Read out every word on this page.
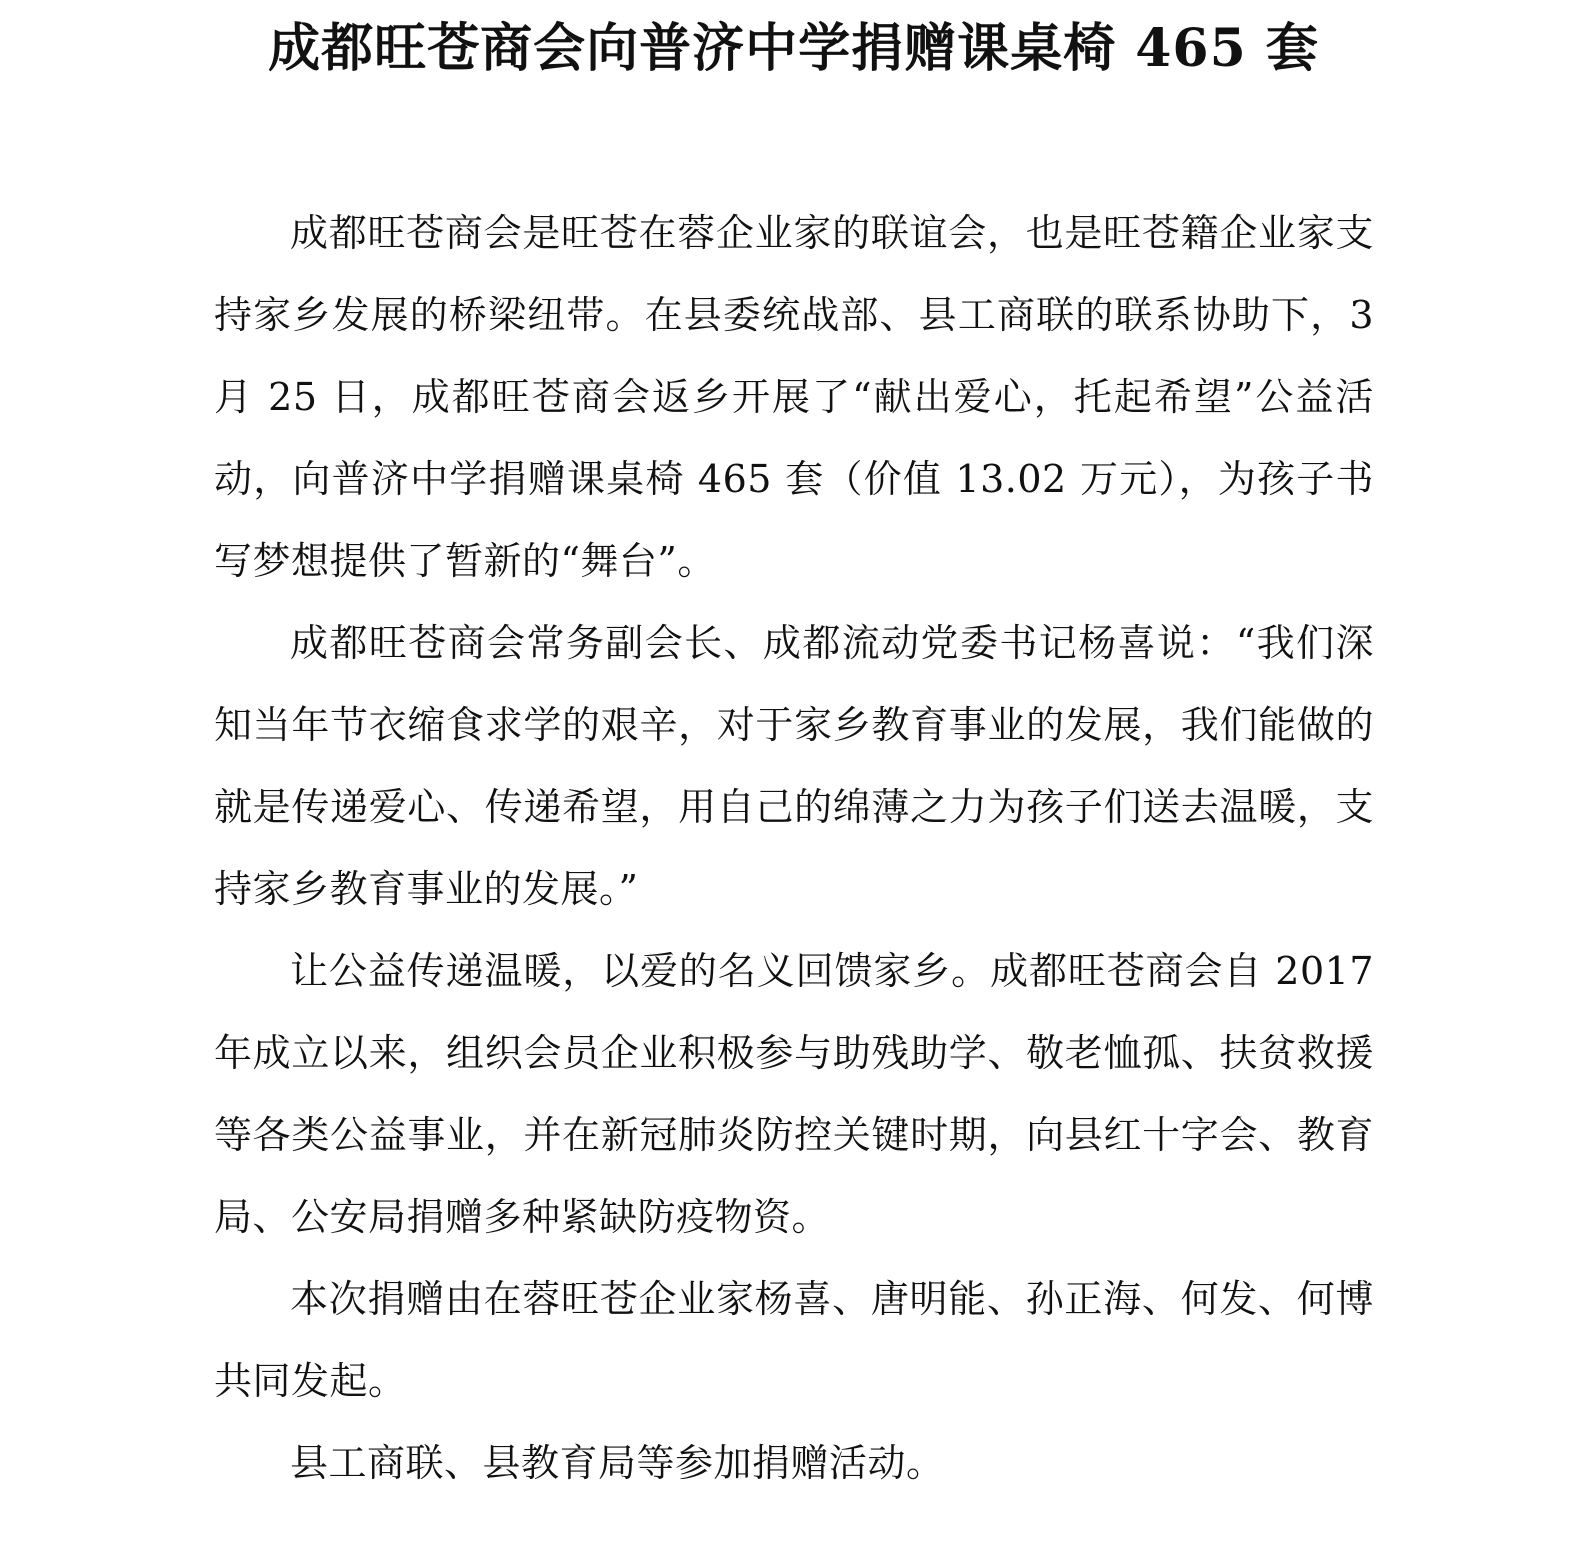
成都旺苍商会向普济中学捐赠课桌椅 465 套

成都旺苍商会是旺苍在蓉企业家的联谊会，也是旺苍籍企业家支持家乡发展的桥梁纽带。在县委统战部、县工商联的联系协助下，3月 25 日，成都旺苍商会返乡开展了“献出爱心，托起希望”公益活动，向普济中学捐赠课桌椅 465 套（价值 13.02 万元），为孩子书写梦想提供了暂新的“舞台”。

成都旺苍商会常务副会长、成都流动党委书记杨喜说：“我们深知当年节衣缩食求学的艰辛，对于家乡教育事业的发展，我们能做的就是传递爱心、传递希望，用自己的绵薄之力为孩子们送去温暖，支持家乡教育事业的发展。”

让公益传递温暖，以爱的名义回馈家乡。成都旺苍商会自 2017 年成立以来，组织会员企业积极参与助残助学、敬老恤孤、扶贫救援等各类公益事业，并在新冠肺炎防控关键时期，向县红十字会、教育局、公安局捐赠多种紧缺防疫物资。

本次捐赠由在蓉旺苍企业家杨喜、唐明能、孙正海、何发、何博共同发起。

县工商联、县教育局等参加捐赠活动。
